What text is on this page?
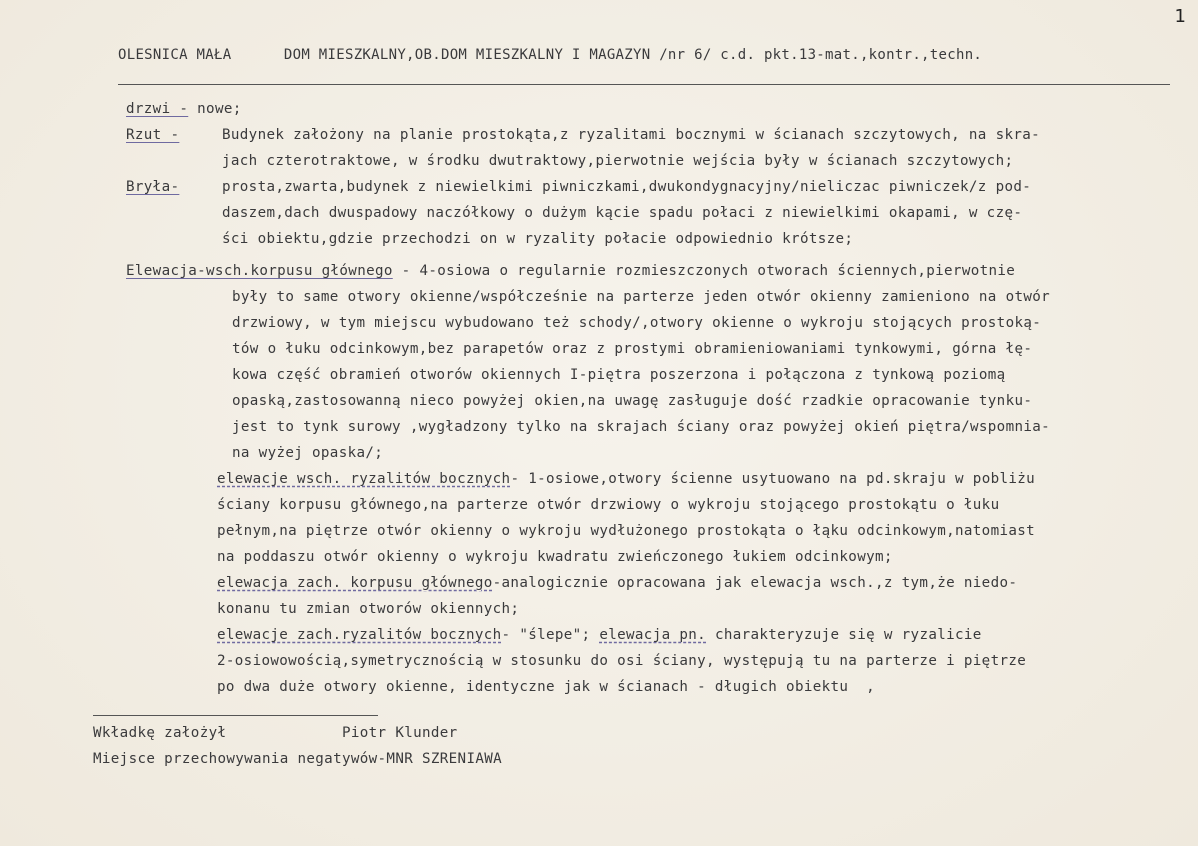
1
OLESNICA MAŁA	DOM MIESZKALNY,OB.DOM MIESZKALNY I MAGAZYN /nr 6/ c.d. pkt.13-mat.,kontr.,techn.
drzwi - nowe;
Rzut -	Budynek założony na planie prostokąta,z ryzalitami bocznymi w ścianach szczytowych, na skra-
jach czterotraktowe, w środku dwutraktowy,pierwotnie wejścia były w ścianach szczytowych;
Bryła-	prosta,zwarta,budynek z niewielkimi piwniczkami,dwukondygnacyjny/nieliczac piwniczek/z pod-
daszem,dach dwuspadowy naczółkowy o dużym kącie spadu połaci z niewielkimi okapami, w czę-
ści obiektu,gdzie przechodzi on w ryzality połacie odpowiednio krótsze;
Elewacja-wsch.korpusu głównego - 4-osiowa o regularnie rozmieszczonych otworach ściennych,pierwotnie
były to same otwory okienne/współcześnie na parterze jeden otwór okienny zamieniono na otwór
drzwiowy, w tym miejscu wybudowano też schody/,otwory okienne o wykroju stojących prostoką-
tów o łuku odcinkowym,bez parapetów oraz z prostymi obramieniowaniami tynkowymi, górna łę-
kowa część obramień otworów okiennych I-piętra poszerzona i połączona z tynkową poziomą
opaską,zastosowanną nieco powyżej okien,na uwagę zasługuje dość rzadkie opracowanie tynku-
jest to tynk surowy ,wygładzony tylko na skrajach ściany oraz powyżej okień piętra/wspomnia-
na wyżej opaska/;
elewacje wsch. ryzalitów bocznych- 1-osiowe,otwory ścienne usytuowano na pd.skraju w pobliżu
ściany korpusu głównego,na parterze otwór drzwiowy o wykroju stojącego prostokątu o łuku
pełnym,na piętrze otwór okienny o wykroju wydłużonego prostokąta o łąku odcinkowym,natomiast
na poddaszu otwór okienny o wykroju kwadratu zwieńczonego łukiem odcinkowym;
elewacja zach. korpusu głównego-analogicznie opracowana jak elewacja wsch.,z tym,że niedo-
konanu tu zmian otworów okiennych;
elewacje zach.ryzalitów bocznych- "ślepe"; elewacja pn. charakteryzuje się w ryzalicie
2-osiowowością,symetrycznością w stosunku do osi ściany, występują tu na parterze i piętrze
po dwa duże otwory okienne, identyczne jak w ścianach - długich obiektu  ,
Wkładkę założył	Piotr Klunder
Miejsce przechowywania negatywów-MNR SZRENIAWA
